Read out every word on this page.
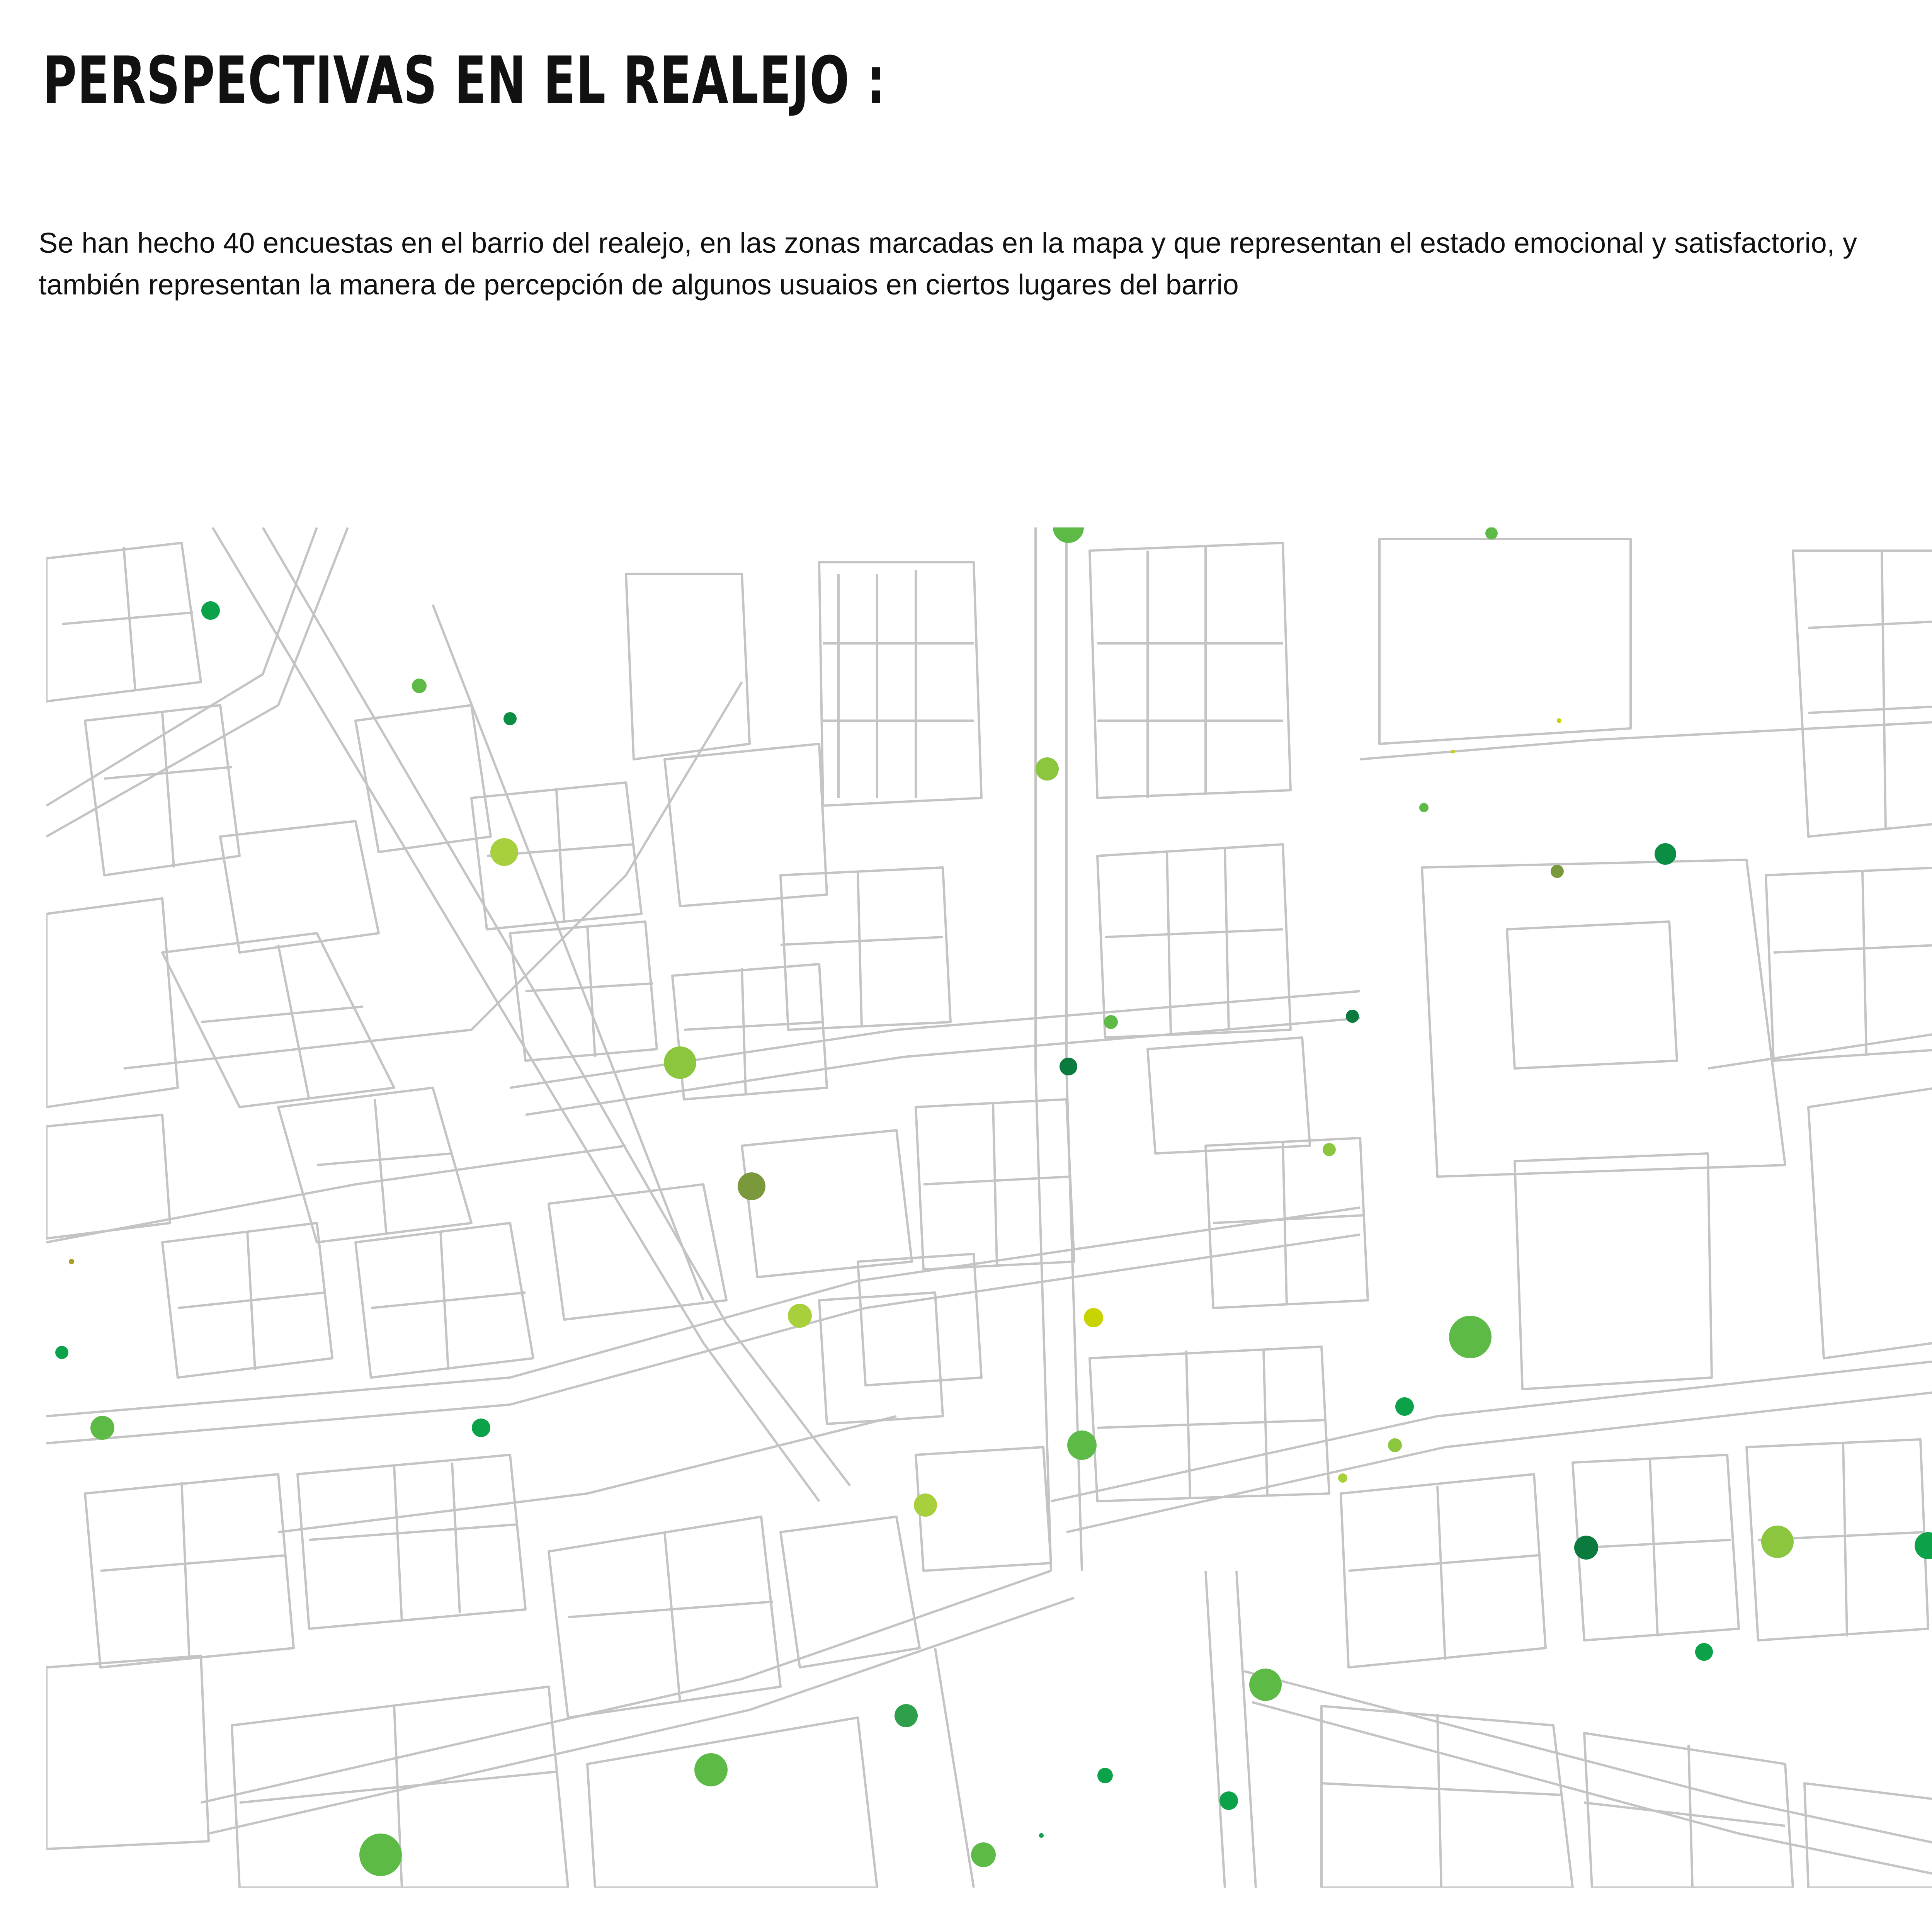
PERSPECTIVAS EN EL REALEJO :

Se han hecho 40 encuestas en el barrio del realejo, en las zonas marcadas en la mapa y que representan el estado emocional y satisfactorio, y también representan la manera de percepción de algunos usuaios en ciertos lugares del barrio
